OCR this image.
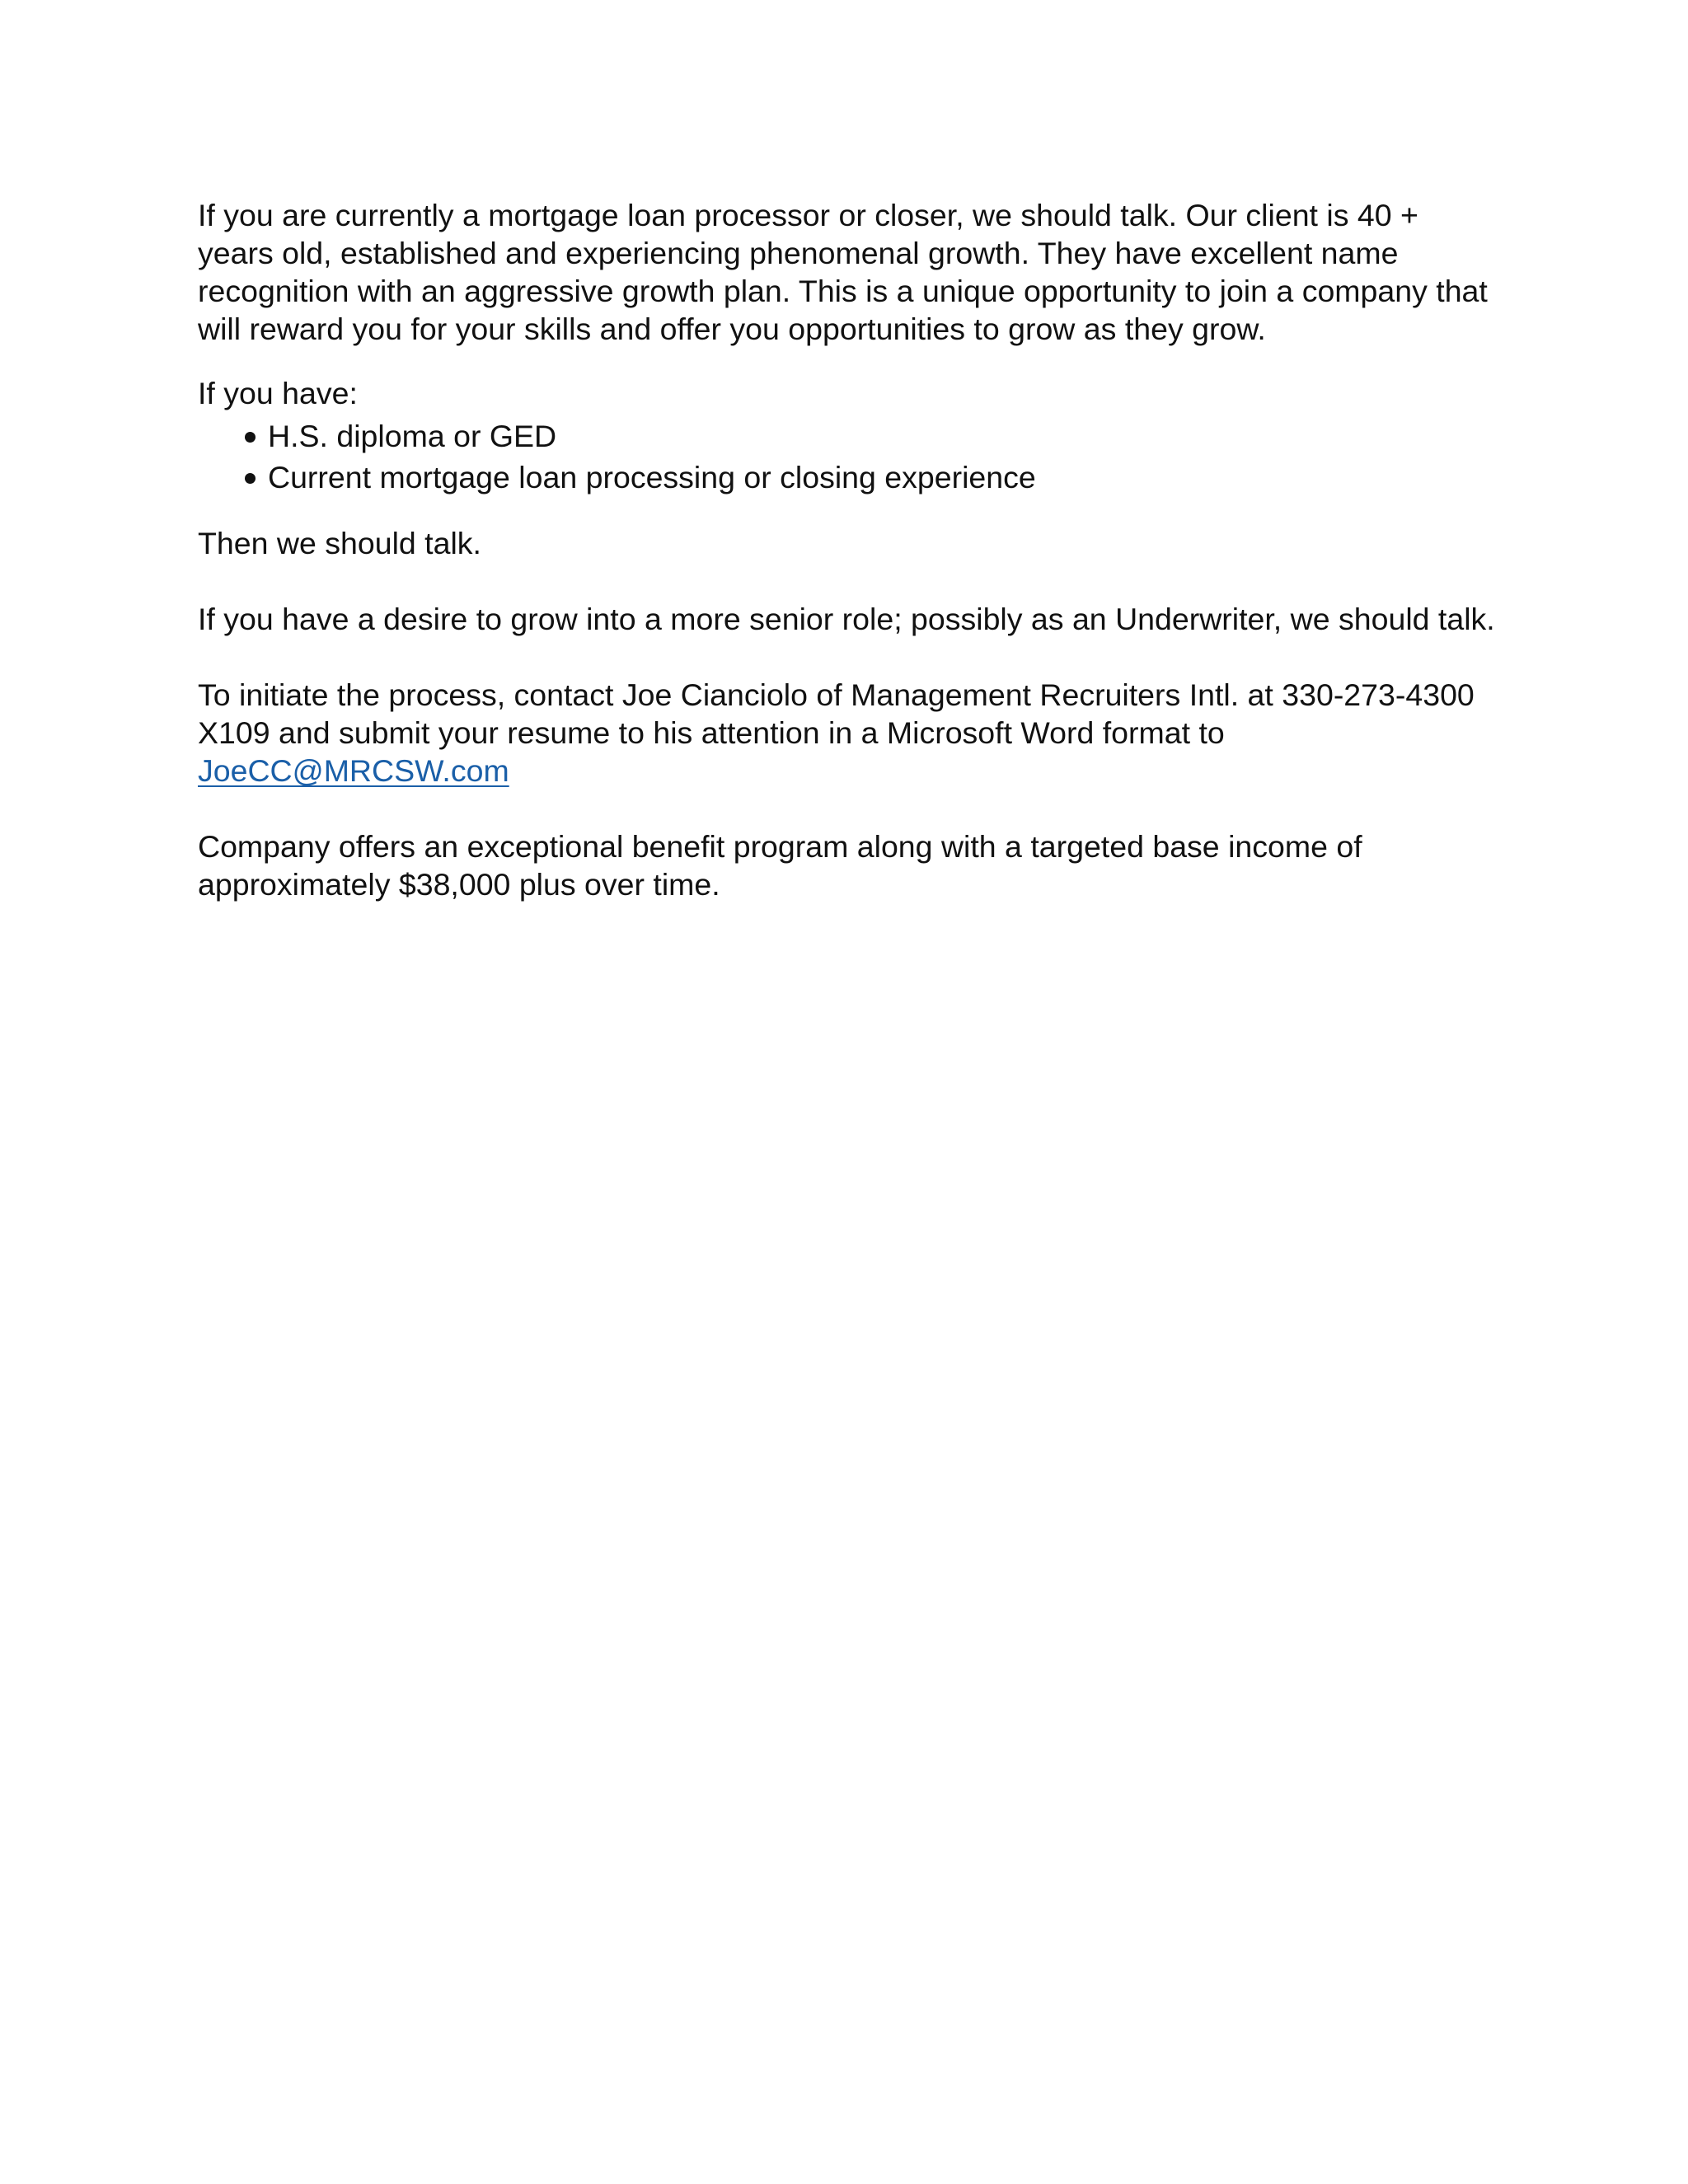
If you are currently a mortgage loan processor or closer, we should talk. Our client is 40 + years old, established and experiencing phenomenal growth. They have excellent name recognition with an aggressive growth plan. This is a unique opportunity to join a company that will reward you for your skills and offer you opportunities to grow as they grow.

If you have:

H.S. diploma or GED
Current mortgage loan processing or closing experience

Then we should talk.

If you have a desire to grow into a more senior role; possibly as an Underwriter, we should talk.

To initiate the process, contact Joe Cianciolo of Management Recruiters Intl. at 330-273-4300 X109 and submit your resume to his attention in a Microsoft Word format to JoeCC@MRCSW.com

Company offers an exceptional benefit program along with a targeted base income of approximately $38,000 plus over time.
